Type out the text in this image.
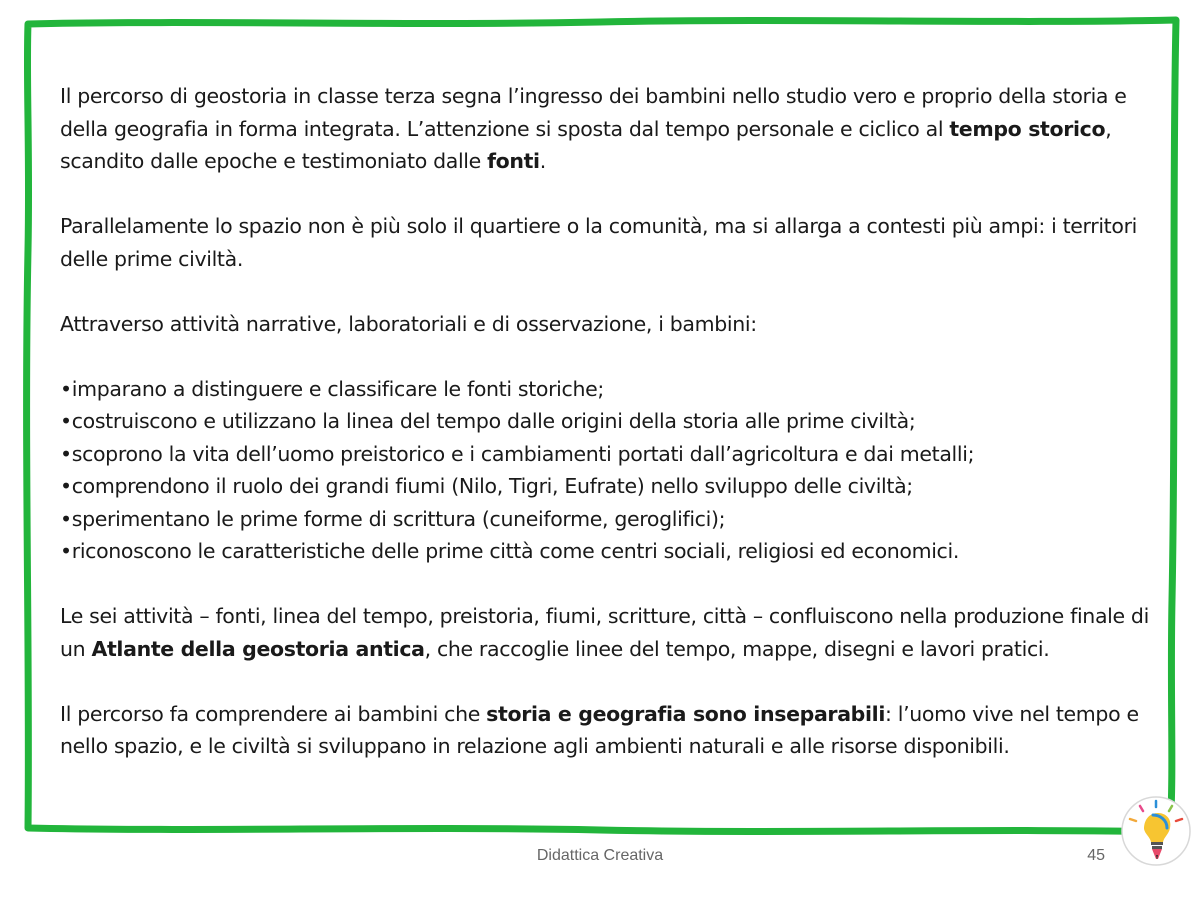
Il percorso di geostoria in classe terza segna l’ingresso dei bambini nello studio vero e proprio della storia e della geografia in forma integrata. L’attenzione si sposta dal tempo personale e ciclico al tempo storico, scandito dalle epoche e testimoniato dalle fonti.

Parallelamente lo spazio non è più solo il quartiere o la comunità, ma si allarga a contesti più ampi: i territori delle prime civiltà.

Attraverso attività narrative, laboratoriali e di osservazione, i bambini:

•imparano a distinguere e classificare le fonti storiche;
•costruiscono e utilizzano la linea del tempo dalle origini della storia alle prime civiltà;
•scoprono la vita dell’uomo preistorico e i cambiamenti portati dall’agricoltura e dai metalli;
•comprendono il ruolo dei grandi fiumi (Nilo, Tigri, Eufrate) nello sviluppo delle civiltà;
•sperimentano le prime forme di scrittura (cuneiforme, geroglifici);
•riconoscono le caratteristiche delle prime città come centri sociali, religiosi ed economici.

Le sei attività – fonti, linea del tempo, preistoria, fiumi, scritture, città – confluiscono nella produzione finale di un Atlante della geostoria antica, che raccoglie linee del tempo, mappe, disegni e lavori pratici.

Il percorso fa comprendere ai bambini che storia e geografia sono inseparabili: l’uomo vive nel tempo e nello spazio, e le civiltà si sviluppano in relazione agli ambienti naturali e alle risorse disponibili.

Didattica Creativa	45
